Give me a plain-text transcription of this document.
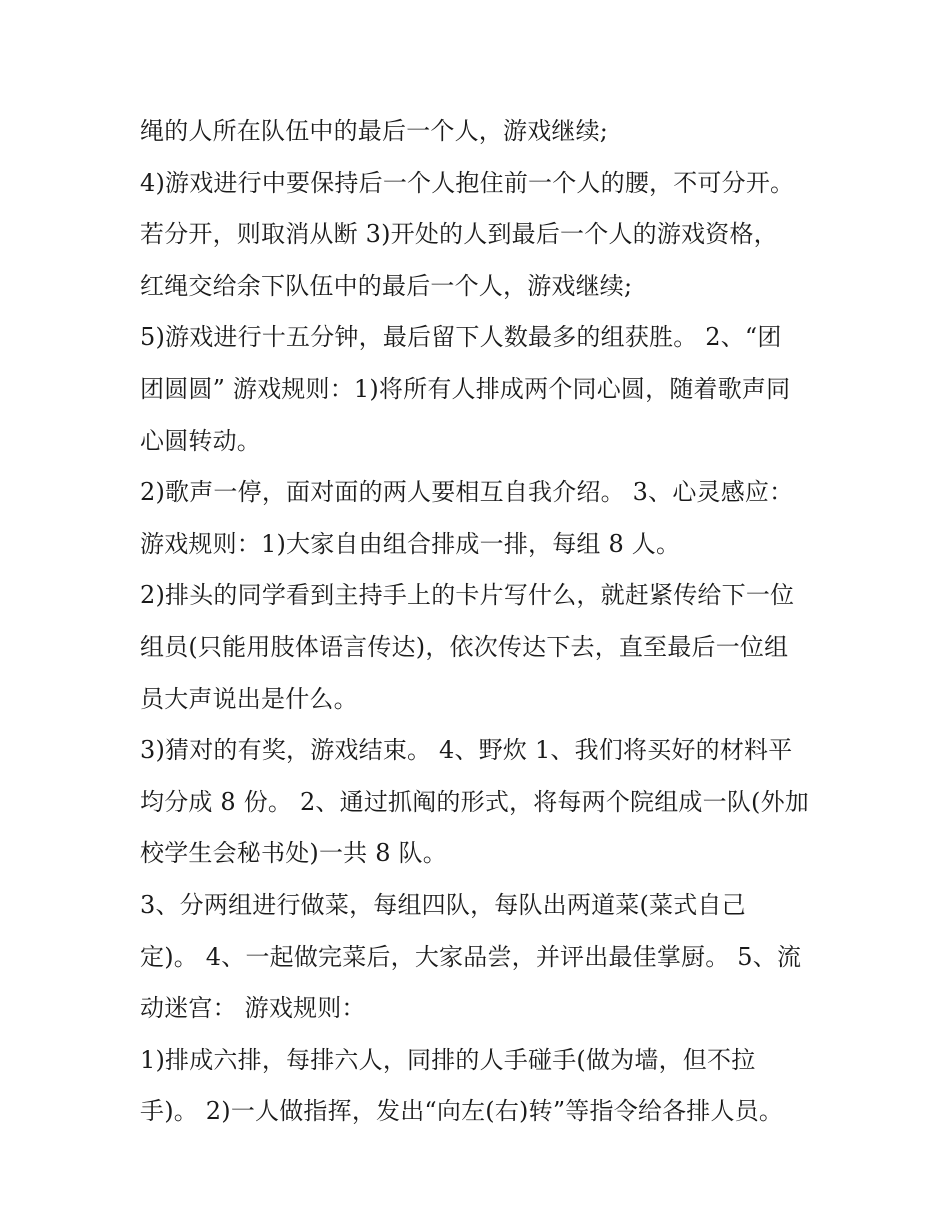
绳的人所在队伍中的最后一个人，游戏继续;
4)游戏进行中要保持后一个人抱住前一个人的腰，不可分开。
若分开，则取消从断 3)开处的人到最后一个人的游戏资格，
红绳交给余下队伍中的最后一个人，游戏继续;
5)游戏进行十五分钟，最后留下人数最多的组获胜。 2、“团
团圆圆” 游戏规则：1)将所有人排成两个同心圆，随着歌声同
心圆转动。
2)歌声一停，面对面的两人要相互自我介绍。 3、心灵感应：
游戏规则：1)大家自由组合排成一排，每组 8 人。
2)排头的同学看到主持手上的卡片写什么，就赶紧传给下一位
组员(只能用肢体语言传达)，依次传达下去，直至最后一位组
员大声说出是什么。
3)猜对的有奖，游戏结束。 4、野炊 1、我们将买好的材料平
均分成 8 份。 2、通过抓阄的形式，将每两个院组成一队(外加
校学生会秘书处)一共 8 队。
3、分两组进行做菜，每组四队，每队出两道菜(菜式自己
定)。 4、一起做完菜后，大家品尝，并评出最佳掌厨。 5、流
动迷宫： 游戏规则：
1)排成六排，每排六人，同排的人手碰手(做为墙，但不拉
手)。 2)一人做指挥，发出“向左(右)转”等指令给各排人员。
